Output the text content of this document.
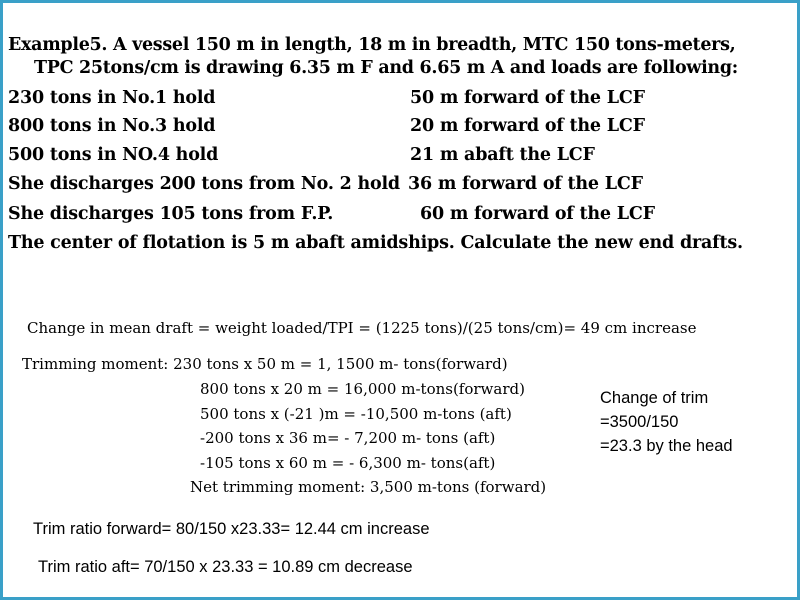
Example5. A vessel 150 m in length, 18 m in breadth, MTC 150 tons-meters,
TPC 25tons/cm is drawing 6.35 m F and 6.65 m A and loads are following:
230 tons in No.1 hold	50 m forward of the LCF
800 tons in No.3 hold	20 m forward of the LCF
500 tons in NO.4 hold	21 m abaft the LCF
She discharges 200 tons from No. 2 hold 36 m forward of the LCF
She discharges 105 tons from F.P.	60 m forward of the LCF
The center of flotation is 5 m abaft amidships. Calculate the new end drafts.
Change in mean draft = weight loaded/TPI = (1225 tons)/(25 tons/cm)= 49 cm increase
Trimming moment: 230 tons x 50 m = 1, 1500 m- tons(forward)
800 tons x 20 m = 16,000 m-tons(forward)
500 tons x (-21 )m = -10,500 m-tons (aft)
-200 tons x 36 m= - 7,200 m- tons (aft)
-105 tons x 60 m = - 6,300 m- tons(aft)
Net trimming moment: 3,500 m-tons (forward)
Change of trim
=3500/150
=23.3 by the head
Trim ratio forward= 80/150 x23.33= 12.44 cm increase
Trim ratio aft= 70/150 x 23.33 = 10.89 cm decrease
